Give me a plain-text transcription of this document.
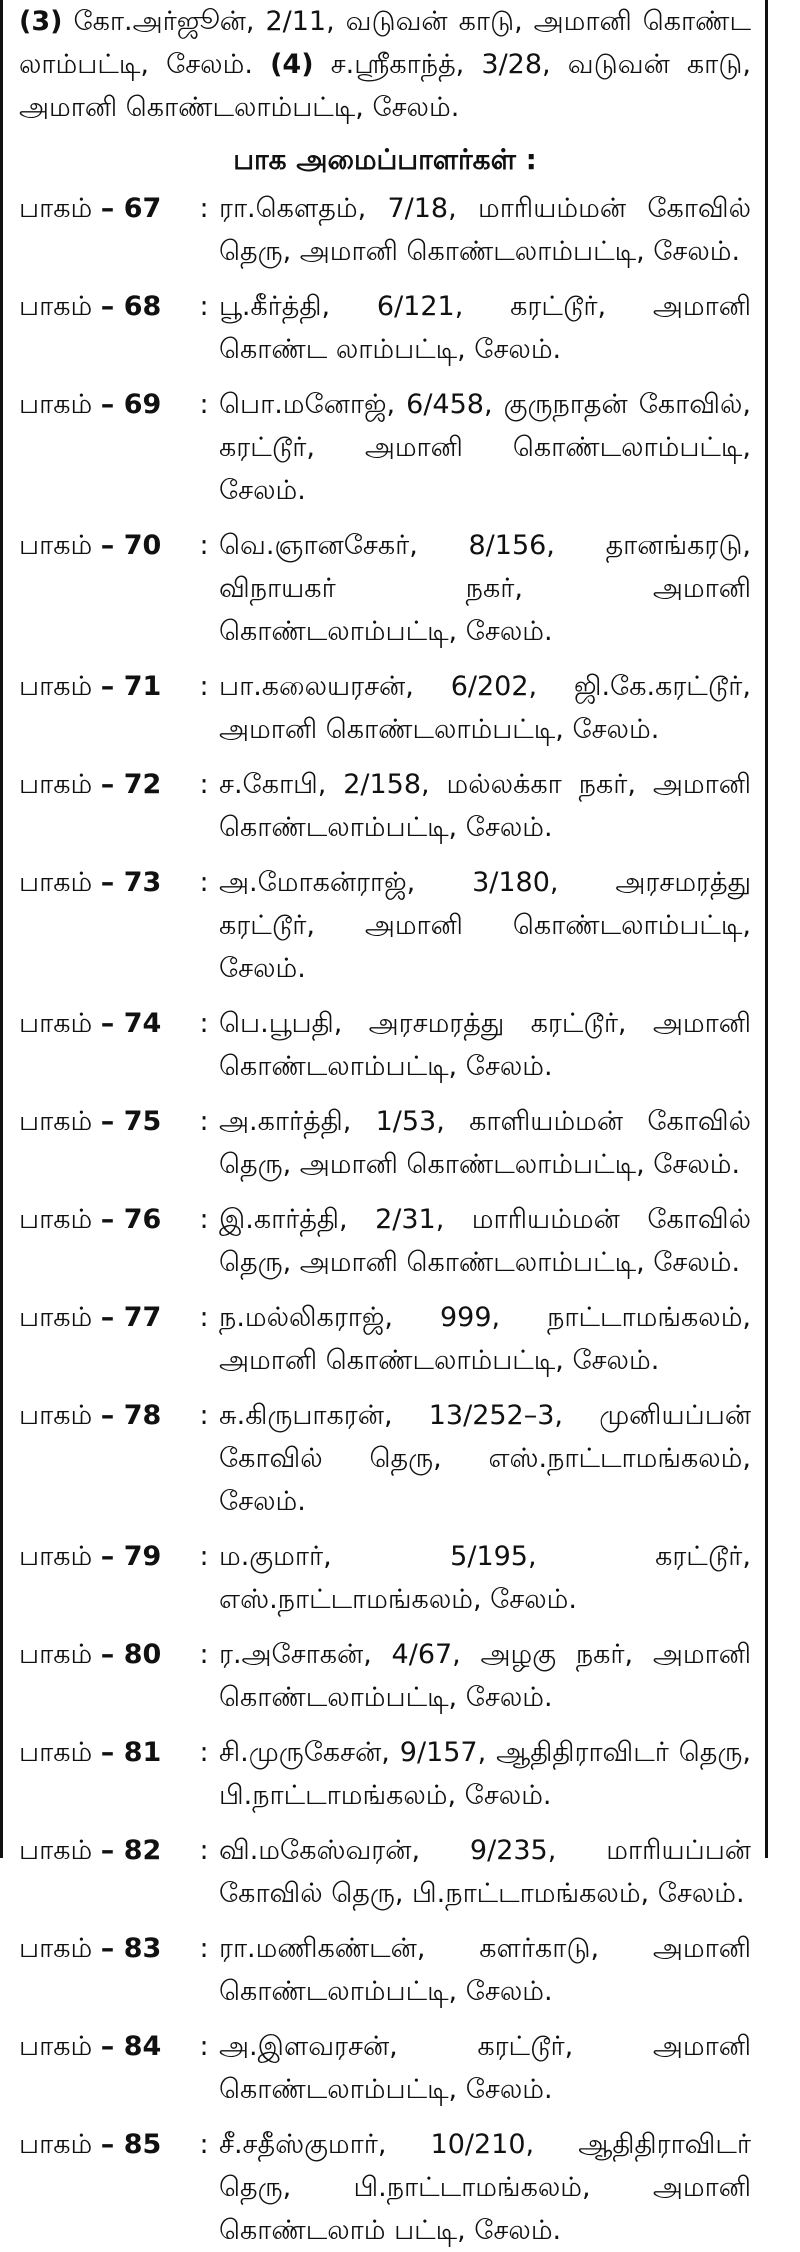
(3) கோ.அர்ஜூன், 2/11, வடுவன் காடு, அமானி கொண்ட லாம்பட்டி, சேலம். (4) ச.ஸ்ரீகாந்த், 3/28, வடுவன் காடு, அமானி கொண்டலாம்பட்டி, சேலம்.
பாக அமைப்பாளர்கள் :
பாகம் – 67	: ரா.கௌதம், 7/18, மாரியம்மன் கோவில் தெரு, அமானி கொண்டலாம்பட்டி, சேலம்.
பாகம் – 68	: பூ.கீர்த்தி, 6/121, கரட்டூர், அமானி கொண்ட லாம்பட்டி, சேலம்.
பாகம் – 69	: பொ.மனோஜ், 6/458, குருநாதன் கோவில், கரட்டூர், அமானி கொண்டலாம்பட்டி, சேலம்.
பாகம் – 70	: வெ.ஞானசேகர், 8/156, தானங்கரடு, விநாயகர் நகர், அமானி கொண்டலாம்பட்டி, சேலம்.
பாகம் – 71	: பா.கலையரசன், 6/202, ஜி.கே.கரட்டூர், அமானி கொண்டலாம்பட்டி, சேலம்.
பாகம் – 72	: ச.கோபி, 2/158, மல்லக்கா நகர், அமானி கொண்டலாம்பட்டி, சேலம்.
பாகம் – 73	: அ.மோகன்ராஜ், 3/180, அரசமரத்து கரட்டூர், அமானி கொண்டலாம்பட்டி, சேலம்.
பாகம் – 74	: பெ.பூபதி, அரசமரத்து கரட்டூர், அமானி கொண்டலாம்பட்டி, சேலம்.
பாகம் – 75	: அ.கார்த்தி, 1/53, காளியம்மன் கோவில் தெரு, அமானி கொண்டலாம்பட்டி, சேலம்.
பாகம் – 76	: இ.கார்த்தி, 2/31, மாரியம்மன் கோவில் தெரு, அமானி கொண்டலாம்பட்டி, சேலம்.
பாகம் – 77	: ந.மல்லிகராஜ், 999, நாட்டாமங்கலம், அமானி கொண்டலாம்பட்டி, சேலம்.
பாகம் – 78	: சு.கிருபாகரன், 13/252–3, முனியப்பன் கோவில் தெரு, எஸ்.நாட்டாமங்கலம், சேலம்.
பாகம் – 79	: ம.குமார், 5/195, கரட்டூர், எஸ்.நாட்டாமங்கலம், சேலம்.
பாகம் – 80	: ர.அசோகன், 4/67, அழகு நகர், அமானி கொண்டலாம்பட்டி, சேலம்.
பாகம் – 81	: சி.முருகேசன், 9/157, ஆதிதிராவிடர் தெரு, பி.நாட்டாமங்கலம், சேலம்.
பாகம் – 82	: வி.மகேஸ்வரன், 9/235, மாரியப்பன் கோவில் தெரு, பி.நாட்டாமங்கலம், சேலம்.
பாகம் – 83	: ரா.மணிகண்டன், களர்காடு, அமானி கொண்டலாம்பட்டி, சேலம்.
பாகம் – 84	: அ.இளவரசன், கரட்டூர், அமானி கொண்டலாம்பட்டி, சேலம்.
பாகம் – 85	: சீ.சதீஸ்குமார், 10/210, ஆதிதிராவிடர் தெரு, பி.நாட்டாமங்கலம், அமானி கொண்டலாம் பட்டி, சேலம்.
